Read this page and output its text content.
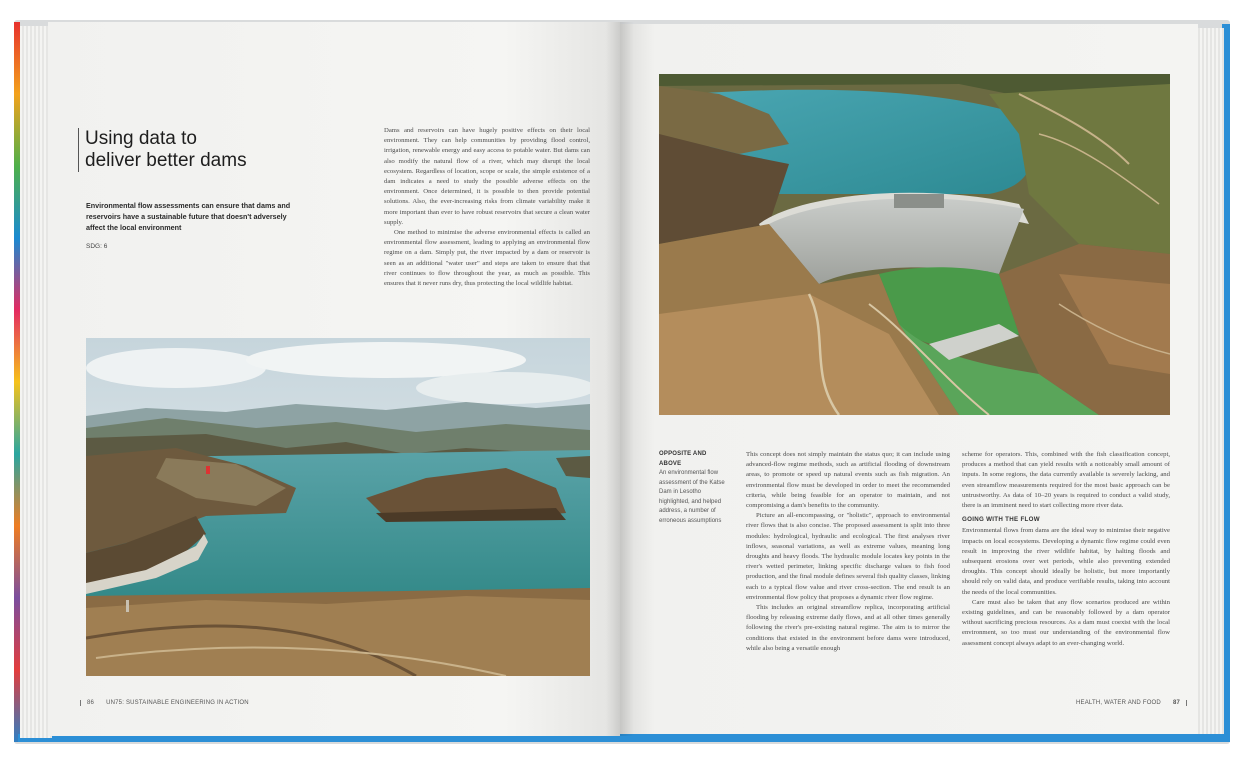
Using data to
deliver better dams
Environmental flow assessments can ensure that dams and reservoirs have a sustainable future that doesn't adversely affect the local environment
SDG: 6

Dams and reservoirs can have hugely positive effects on their local environment. They can help communities by providing flood control, irrigation, renewable energy and easy access to potable water. But dams can also modify the natural flow of a river, which may disrupt the local ecosystem. Regardless of location, scope or scale, the simple existence of a dam indicates a need to study the possible adverse effects on the environment. Once determined, it is possible to then provide potential solutions. Also, the ever-increasing risks from climate variability make it more important than ever to have robust reservoirs that secure a clean water supply.

One method to minimise the adverse environmental effects is called an environmental flow assessment, leading to applying an environmental flow regime on a dam. Simply put, the river impacted by a dam or reservoir is seen as an additional "water user" and steps are taken to ensure that that river continues to flow throughout the year, as much as possible. This ensures that it never runs dry, thus protecting the local wildlife habitat.

86 UN75: SUSTAINABLE ENGINEERING IN ACTION
OPPOSITE AND ABOVE
An environmental flow assessment of the Katse Dam in Lesotho highlighted, and helped address, a number of erroneous assumptions

This concept does not simply maintain the status quo; it can include using advanced-flow regime methods, such as artificial flooding of downstream areas, to promote or speed up natural events such as fish migration. An environmental flow must be developed in order to meet the recommended criteria, while being feasible for an operator to maintain, and not compromising a dam's benefits to the community.

Picture an all-encompassing, or "holistic", approach to environmental river flows that is also concise. The proposed assessment is split into three modules: hydrological, hydraulic and ecological. The first analyses river inflows, seasonal variations, as well as extreme values, meaning long droughts and heavy floods. The hydraulic module locates key points in the river's wetted perimeter, linking specific discharge values to fish food production, and the final module defines several fish quality classes, linking each to a typical flow value and river cross-section. The end result is an environmental flow policy that proposes a dynamic river flow regime.

This includes an original streamflow replica, incorporating artificial flooding by releasing extreme daily flows, and at all other times generally following the river's pre-existing natural regime. The aim is to mirror the conditions that existed in the environment before dams were introduced, while also being a versatile enough

scheme for operators. This, combined with the fish classification concept, produces a method that can yield results with a noticeably small amount of inputs. In some regions, the data currently available is severely lacking, and even streamflow measurements required for the most basic approach can be untrustworthy. As data of 10–20 years is required to conduct a valid study, there is an imminent need to start collecting more river data.

GOING WITH THE FLOW

Environmental flows from dams are the ideal way to minimise their negative impacts on local ecosystems. Developing a dynamic flow regime could even result in improving the river wildlife habitat, by halting floods and subsequent erosions over wet periods, while also preventing extended droughts. This concept should ideally be holistic, but more importantly should rely on valid data, and produce verifiable results, taking into account the needs of the local communities.

Care must also be taken that any flow scenarios produced are within existing guidelines, and can be reasonably followed by a dam operator without sacrificing precious resources. As a dam must coexist with the local environment, so too must our understanding of the environmental flow assessment concept always adapt to an ever-changing world.

HEALTH, WATER AND FOOD 87
